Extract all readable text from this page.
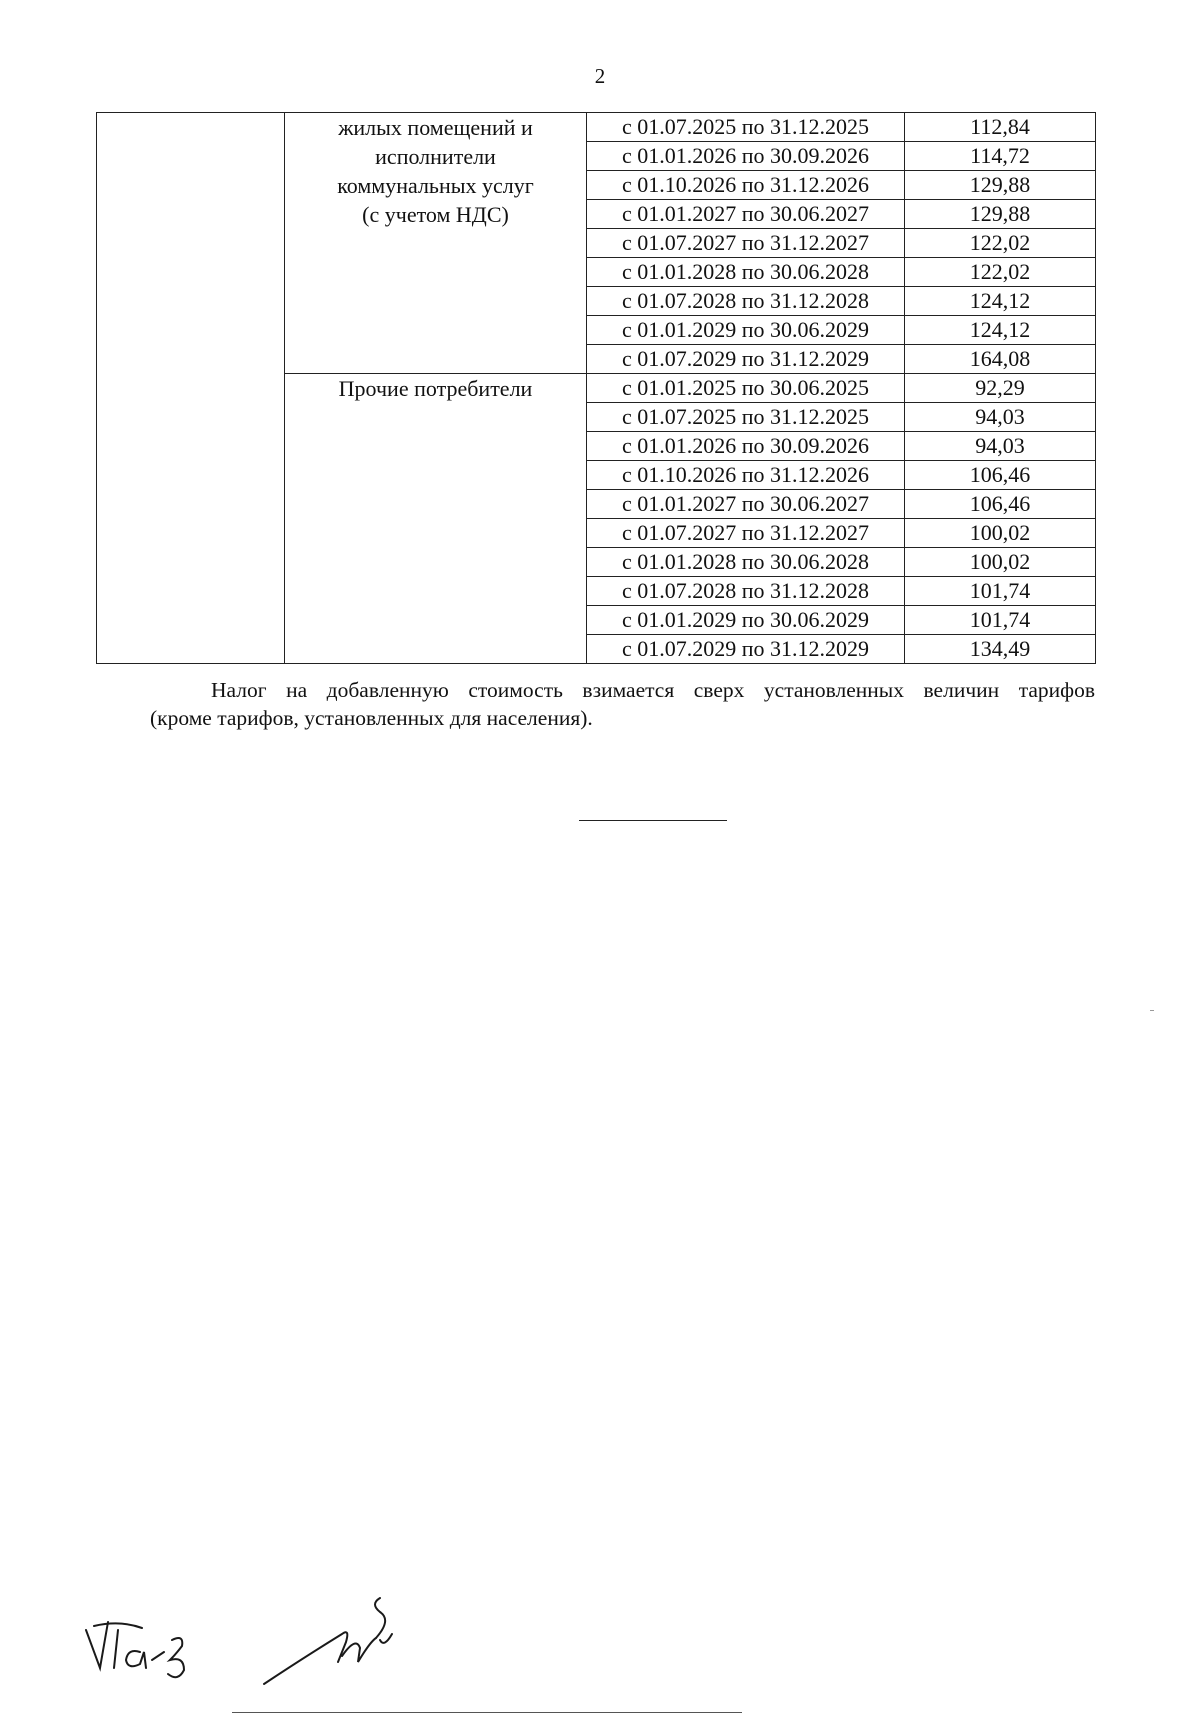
2

	жилых помещений и
исполнители
коммунальных услуг
(с учетом НДС)	с 01.07.2025 по 31.12.2025	112,84
		с 01.01.2026 по 30.09.2026	114,72
		с 01.10.2026 по 31.12.2026	129,88
		с 01.01.2027 по 30.06.2027	129,88
		с 01.07.2027 по 31.12.2027	122,02
		с 01.01.2028 по 30.06.2028	122,02
		с 01.07.2028 по 31.12.2028	124,12
		с 01.01.2029 по 30.06.2029	124,12
		с 01.07.2029 по 31.12.2029	164,08

	Прочие потребители	с 01.01.2025 по 30.06.2025	92,29
		с 01.07.2025 по 31.12.2025	94,03
		с 01.01.2026 по 30.09.2026	94,03
		с 01.10.2026 по 31.12.2026	106,46
		с 01.01.2027 по 30.06.2027	106,46
		с 01.07.2027 по 31.12.2027	100,02
		с 01.01.2028 по 30.06.2028	100,02
		с 01.07.2028 по 31.12.2028	101,74
		с 01.01.2029 по 30.06.2029	101,74
		с 01.07.2029 по 31.12.2029	134,49
Налог на добавленную стоимость взимается сверх установленных величин тарифов
(кроме тарифов, установленных для населения).
